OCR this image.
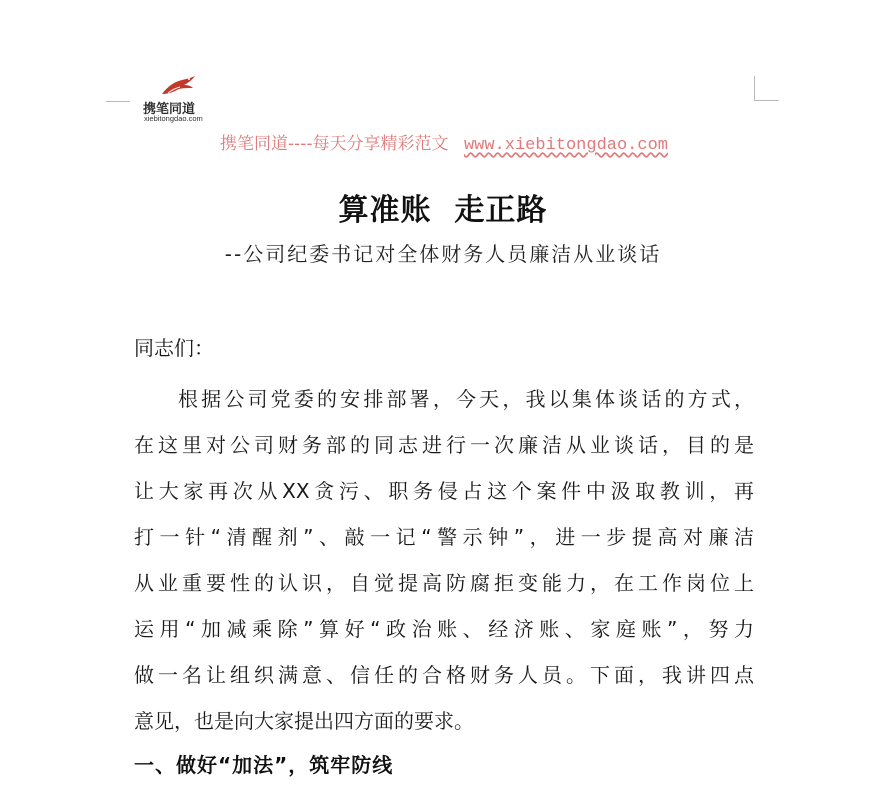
携笔同道
xiebitongdao.com
携笔同道----每天分享精彩范文 www.xiebitongdao.com
算准账  走正路
--公司纪委书记对全体财务人员廉洁从业谈话
同志们：
根据公司党委的安排部署，今天，我以集体谈话的方式，
在这里对公司财务部的同志进行一次廉洁从业谈话，目的是
让大家再次从XX贪污、职务侵占这个案件中汲取教训，再
打一针“清醒剂”、敲一记“警示钟”，进一步提高对廉洁
从业重要性的认识，自觉提高防腐拒变能力，在工作岗位上
运用“加减乘除”算好“政治账、经济账、家庭账”，努力
做一名让组织满意、信任的合格财务人员。下面，我讲四点
意见，也是向大家提出四方面的要求。
一、做好“加法”，筑牢防线
